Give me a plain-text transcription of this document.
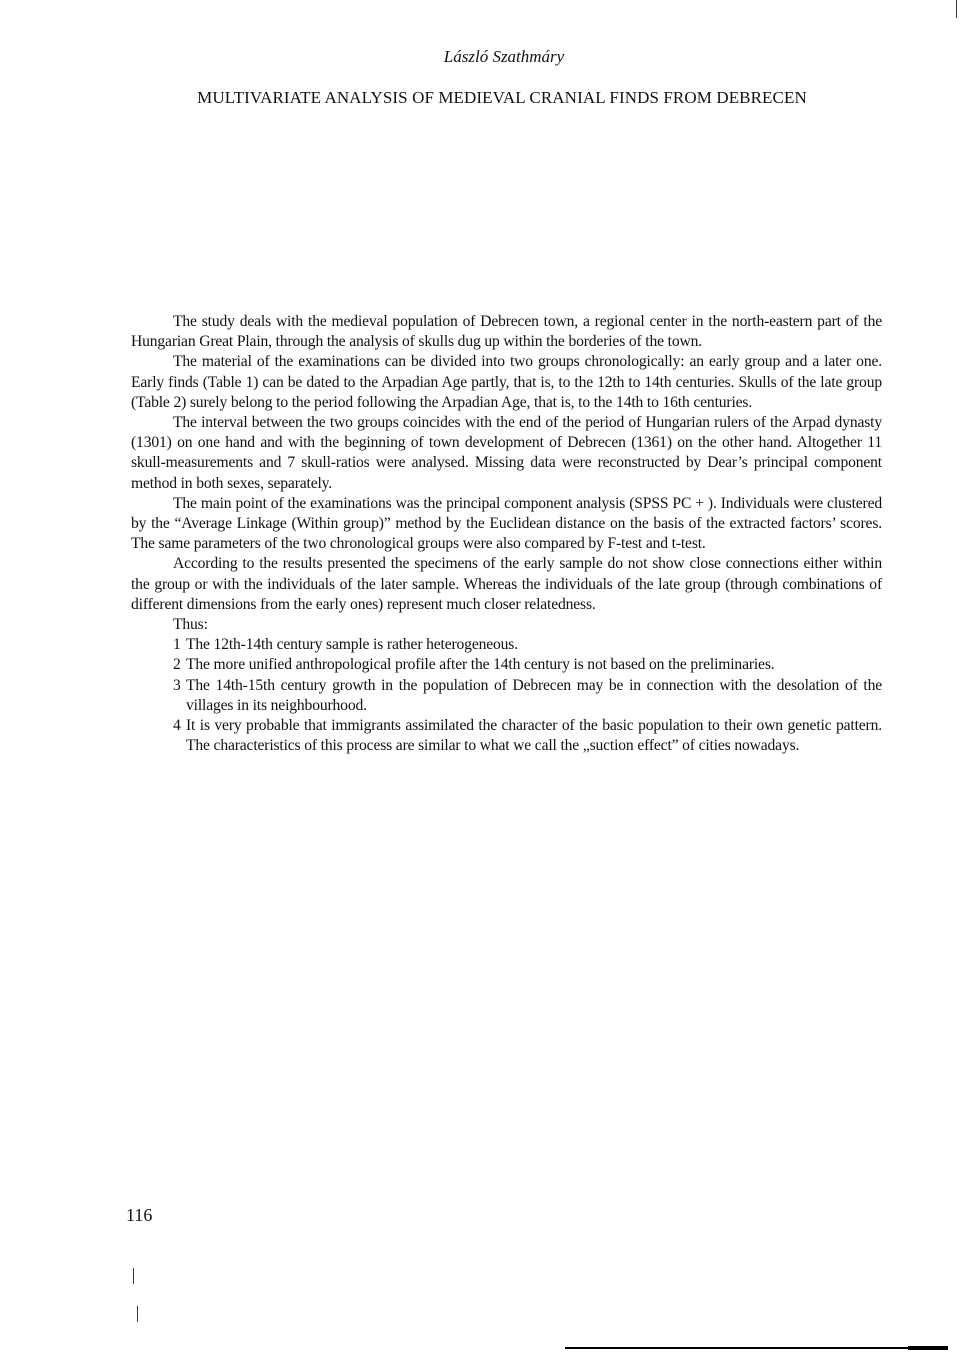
László Szathmáry
MULTIVARIATE ANALYSIS OF MEDIEVAL CRANIAL FINDS FROM DEBRECEN

The study deals with the medieval population of Debrecen town, a regional center in the north-eastern part of the Hungarian Great Plain, through the analysis of skulls dug up within the borderies of the town.

The material of the examinations can be divided into two groups chronologically: an early group and a later one. Early finds (Table 1) can be dated to the Arpadian Age partly, that is, to the 12th to 14th centuries. Skulls of the late group (Table 2) surely belong to the period following the Arpadian Age, that is, to the 14th to 16th centuries.

The interval between the two groups coincides with the end of the period of Hungarian rulers of the Arpad dynasty (1301) on one hand and with the beginning of town development of Debrecen (1361) on the other hand. Altogether 11 skull-measurements and 7 skull-ratios were analysed. Missing data were reconstructed by Dear’s principal component method in both sexes, separately.

The main point of the examinations was the principal component analysis (SPSS PC + ). Individuals were clustered by the “Average Linkage (Within group)” method by the Euclidean distance on the basis of the extracted factors’ scores. The same parameters of the two chronological groups were also compared by F-test and t-test.

According to the results presented the specimens of the early sample do not show close connections either within the group or with the individuals of the later sample. Whereas the individuals of the late group (through combinations of different dimensions from the early ones) represent much closer relatedness.

Thus:

1 The 12th-14th century sample is rather heterogeneous.
2 The more unified anthropological profile after the 14th century is not based on the preliminaries.
3 The 14th-15th century growth in the population of Debrecen may be in connection with the desolation of the villages in its neighbourhood.
4 It is very probable that immigrants assimilated the character of the basic population to their own genetic pattern. The characteristics of this process are similar to what we call the „suction effect” of cities nowadays.
116
